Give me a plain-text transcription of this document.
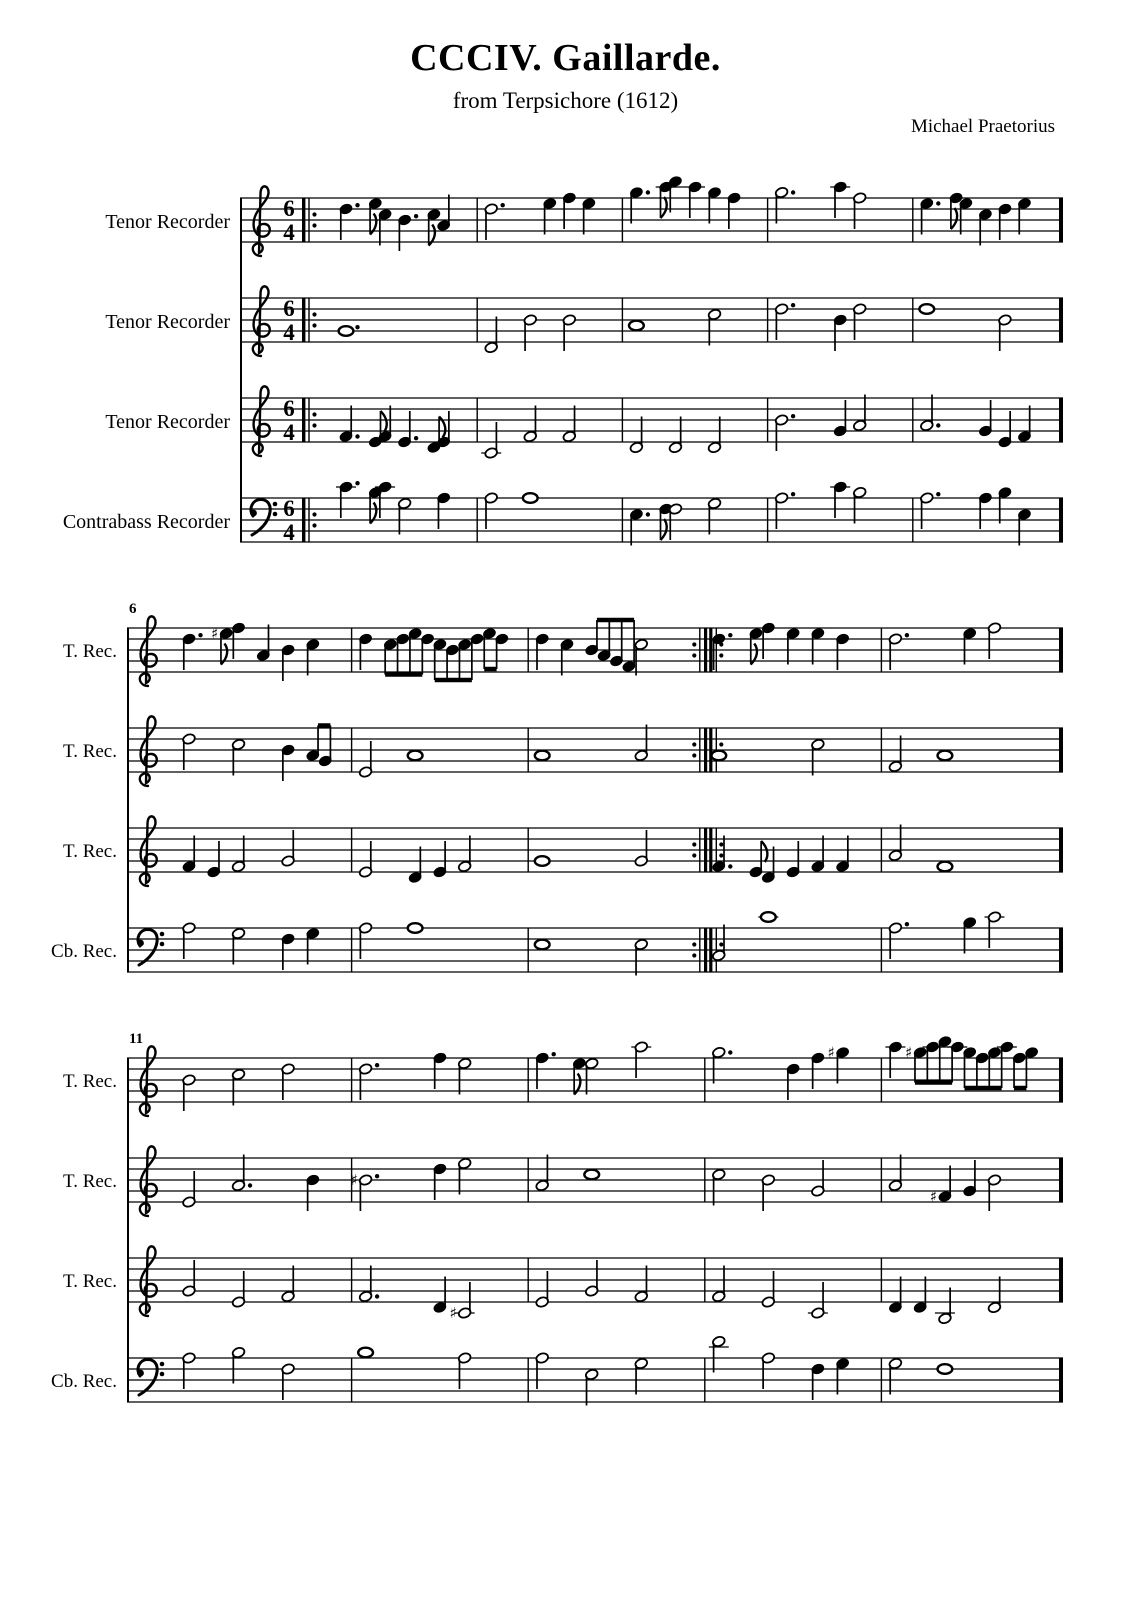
CCCIV. Gaillarde.
from Terpsichore (1612)
Michael Praetorius
Tenor Recorder
6
4
Tenor Recorder
6
4
Tenor Recorder
6
4
Contrabass Recorder
6
4
T. Rec.
6
♯
T. Rec.
T. Rec.
Cb. Rec.
T. Rec.
11
♯	♯
T. Rec.	♯
♯
T. Rec.
♯
Cb. Rec.
